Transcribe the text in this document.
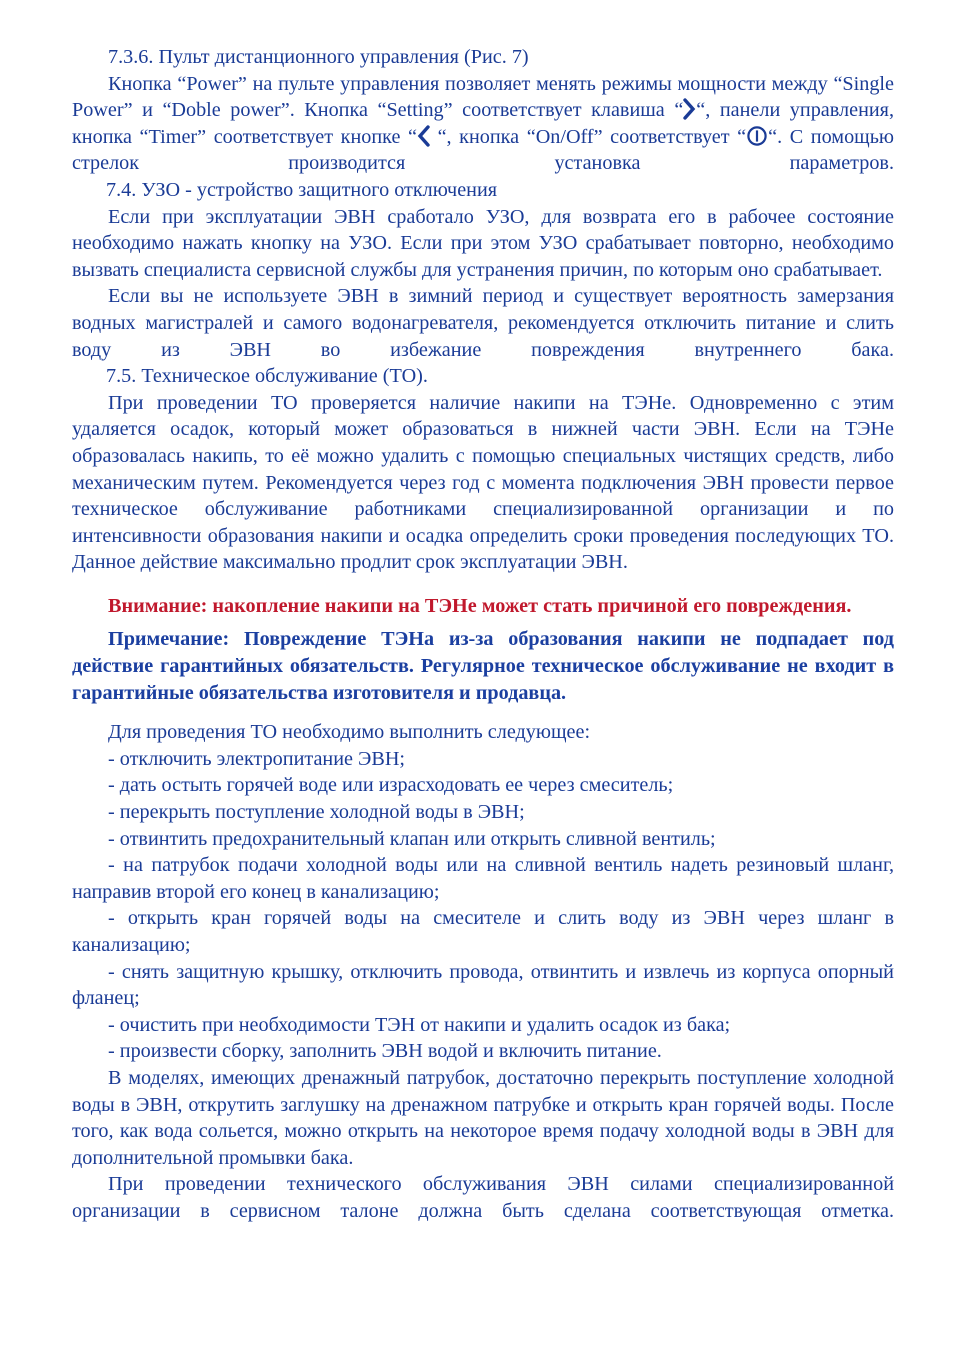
7.3.6. Пульт дистанционного управления (Рис. 7)

Кнопка “Power” на пульте управления позволяет менять режимы мощности между “Single Power” и “Doble power”. Кнопка “Setting” соответствует клавиша “ “, панели управления, кнопка “Timer” соответствует кнопке “
“, кнопка “On/Off” соответствует “ “. С помощью стрелок производится установка параметров.

7.4. УЗО - устройство защитного отключения

Если при эксплуатации ЭВН сработало УЗО, для возврата его в рабочее состояние необходимо нажать кнопку на УЗО. Если при этом УЗО срабатывает повторно, необходимо вызвать специалиста сервисной службы для устранения причин, по которым оно срабатывает.

Если вы не используете ЭВН в зимний период и существует вероятность замерзания водных магистралей и самого водонагревателя, рекомендуется отключить питание и слить воду из ЭВН во избежание повреждения внутреннего бака.

7.5. Техническое обслуживание (ТО).

При проведении ТО проверяется наличие накипи на ТЭНе. Одновременно с этим удаляется осадок, который может образоваться в нижней части ЭВН. Если на ТЭНе образовалась накипь, то её можно удалить с помощью специальных чистящих средств, либо механическим путем. Рекомендуется через год с момента подключения ЭВН провести первое техническое обслуживание работниками специализированной организации и по интенсивности образования накипи и осадка определить сроки проведения последующих ТО. Данное действие максимально продлит срок эксплуатации ЭВН.

Внимание: накопление накипи на ТЭНе может стать причиной его повреждения.

Примечание: Повреждение ТЭНа из-за образования накипи не подпадает под действие гарантийных обязательств. Регулярное техническое обслуживание не входит в гарантийные обязательства изготовителя и продавца.

Для проведения ТО необходимо выполнить следующее:

- отключить электропитание ЭВН;

- дать остыть горячей воде или израсходовать ее через смеситель;

- перекрыть поступление холодной воды в ЭВН;

- отвинтить предохранительный клапан или открыть сливной вентиль;

- на патрубок подачи холодной воды или на сливной вентиль надеть резиновый шланг, направив второй его конец в канализацию;

- открыть кран горячей воды на смесителе и слить воду из ЭВН через шланг в канализацию;

- снять защитную крышку, отключить провода, отвинтить и извлечь из корпуса опорный фланец;

- очистить при необходимости ТЭН от накипи и удалить осадок из бака;

- произвести сборку, заполнить ЭВН водой и включить питание.

В моделях, имеющих дренажный патрубок, достаточно перекрыть поступление холодной воды в ЭВН, открутить заглушку на дренажном патрубке и открыть кран горячей воды. После того, как вода сольется, можно открыть на некоторое время подачу холодной воды в ЭВН для дополнительной промывки бака.

При проведении технического обслуживания ЭВН силами специализированной организации в сервисном талоне должна быть сделана соответствующая отметка.
